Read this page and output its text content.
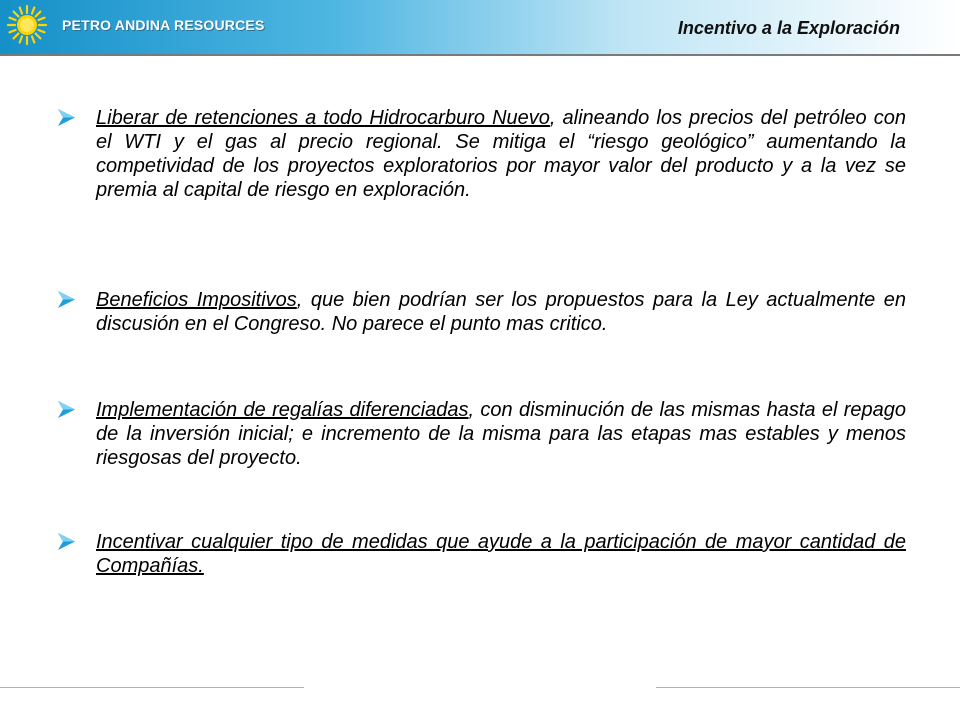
PETRO ANDINA RESOURCES	Incentivo a la Exploración
Liberar de retenciones a todo Hidrocarburo Nuevo, alineando los precios del petróleo con el WTI y el gas al precio regional. Se mitiga el “riesgo geológico” aumentando la competividad de los proyectos exploratorios por mayor valor del producto y a la vez se premia al capital de riesgo en exploración.
Beneficios Impositivos, que bien podrían ser los propuestos para la Ley actualmente en discusión en el Congreso. No parece el punto mas critico.
Implementación de regalías diferenciadas, con disminución de las mismas hasta el repago de la inversión inicial; e incremento de la misma para las etapas mas estables y menos riesgosas del proyecto.
Incentivar cualquier tipo de medidas que ayude a la participación de mayor cantidad de Compañías.
